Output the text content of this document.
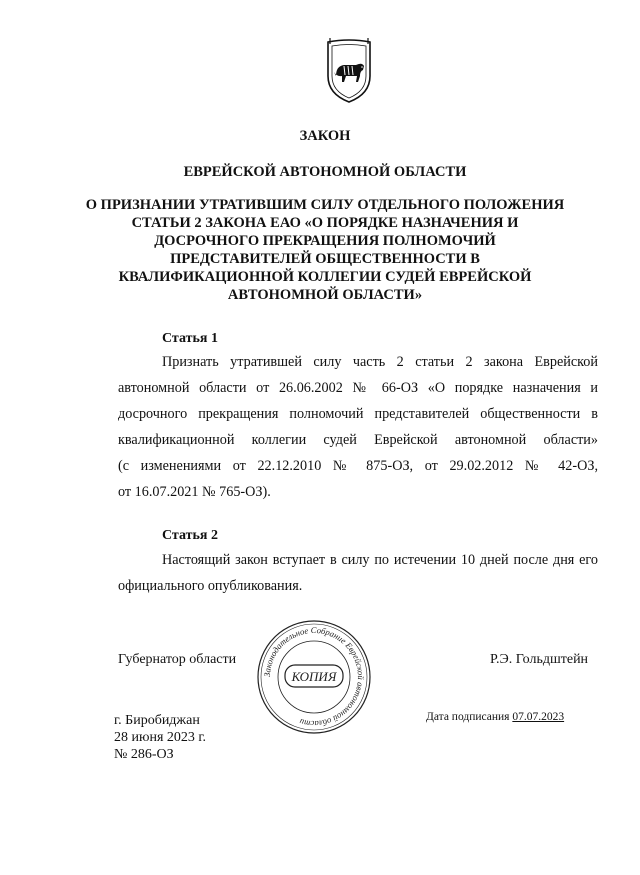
ЗАКОН

ЕВРЕЙСКОЙ АВТОНОМНОЙ ОБЛАСТИ

О ПРИЗНАНИИ УТРАТИВШИМ СИЛУ ОТДЕЛЬНОГО ПОЛОЖЕНИЯ
СТАТЬИ 2 ЗАКОНА ЕАО «О ПОРЯДКЕ НАЗНАЧЕНИЯ И
ДОСРОЧНОГО ПРЕКРАЩЕНИЯ ПОЛНОМОЧИЙ
ПРЕДСТАВИТЕЛЕЙ ОБЩЕСТВЕННОСТИ В
КВАЛИФИКАЦИОННОЙ КОЛЛЕГИИ СУДЕЙ ЕВРЕЙСКОЙ
АВТОНОМНОЙ ОБЛАСТИ»

Статья 1

Признать утратившей силу часть 2 статьи 2 закона Еврейской
автономной области от 26.06.2002 № 66-ОЗ «О порядке назначения и
досрочного прекращения полномочий представителей общественности в
квалификационной коллегии судей Еврейской автономной области»
(с изменениями от 22.12.2010 № 875-ОЗ, от 29.02.2012 № 42-ОЗ,
от 16.07.2021 № 765-ОЗ).

Статья 2

Настоящий закон вступает в силу по истечении 10 дней после дня его
официального опубликования.
Губернатор области	Р.Э. Гольдштейн
Законодательное Собрание Еврейской автономной области
КОПИЯ
г. Биробиджан
28 июня 2023 г.
№ 286-ОЗ
Дата подписания 07.07.2023
